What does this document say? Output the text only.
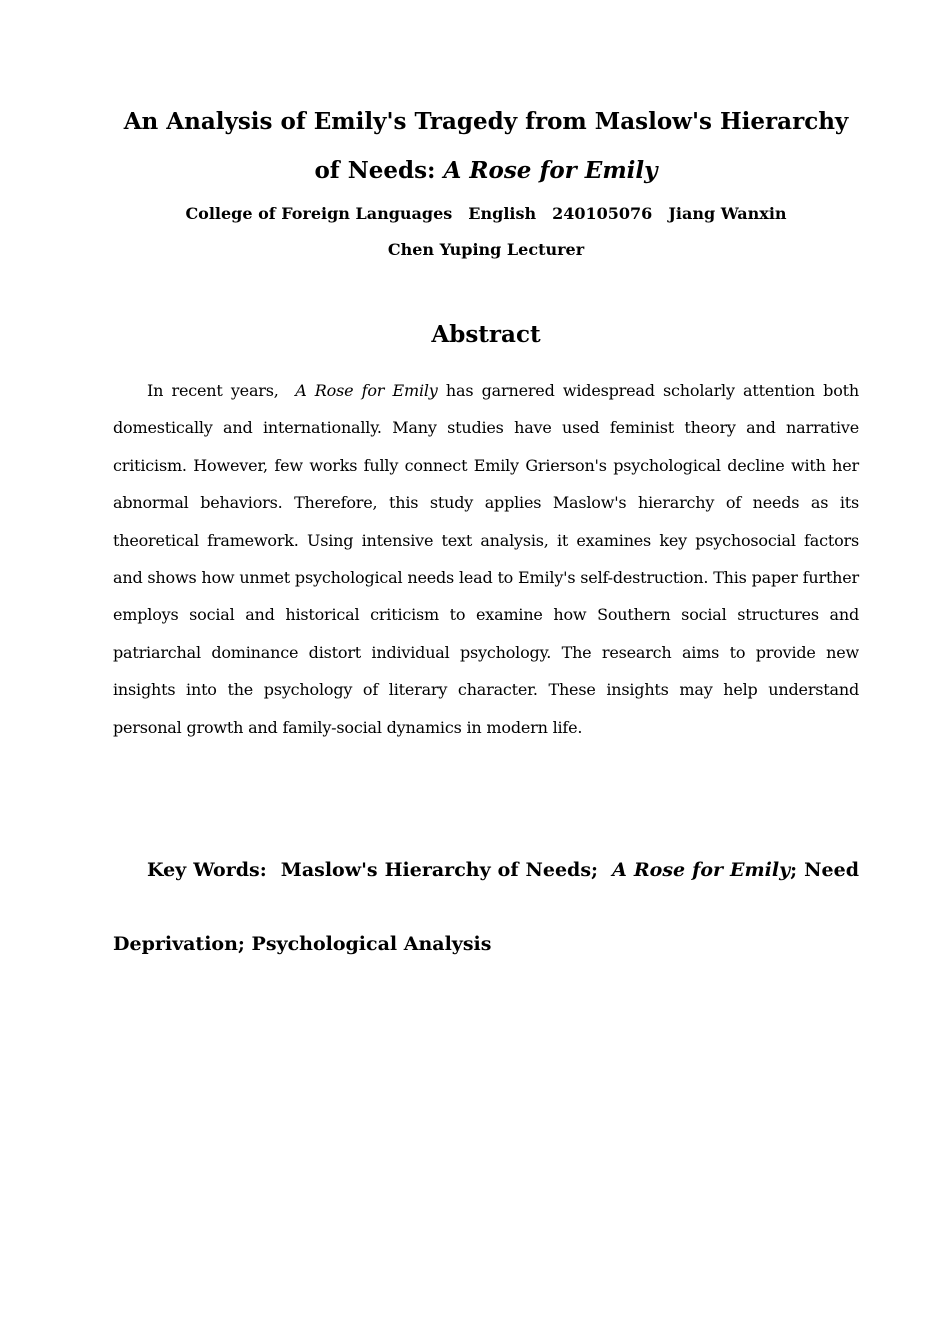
An Analysis of Emily's Tragedy from Maslow's Hierarchy of Needs: A Rose for Emily
College of Foreign Languages English 240105076 Jiang Wanxin
Chen Yuping Lecturer
Abstract
In recent years, A Rose for Emily has garnered widespread scholarly attention both domestically and internationally. Many studies have used feminist theory and narrative criticism. However, few works fully connect Emily Grierson's psychological decline with her abnormal behaviors. Therefore, this study applies Maslow's hierarchy of needs as its theoretical framework. Using intensive text analysis, it examines key psychosocial factors and shows how unmet psychological needs lead to Emily's self-destruction. This paper further employs social and historical criticism to examine how Southern social structures and patriarchal dominance distort individual psychology. The research aims to provide new insights into the psychology of literary character. These insights may help understand personal growth and family-social dynamics in modern life.
Key Words: Maslow's Hierarchy of Needs; A Rose for Emily; Need Deprivation; Psychological Analysis
